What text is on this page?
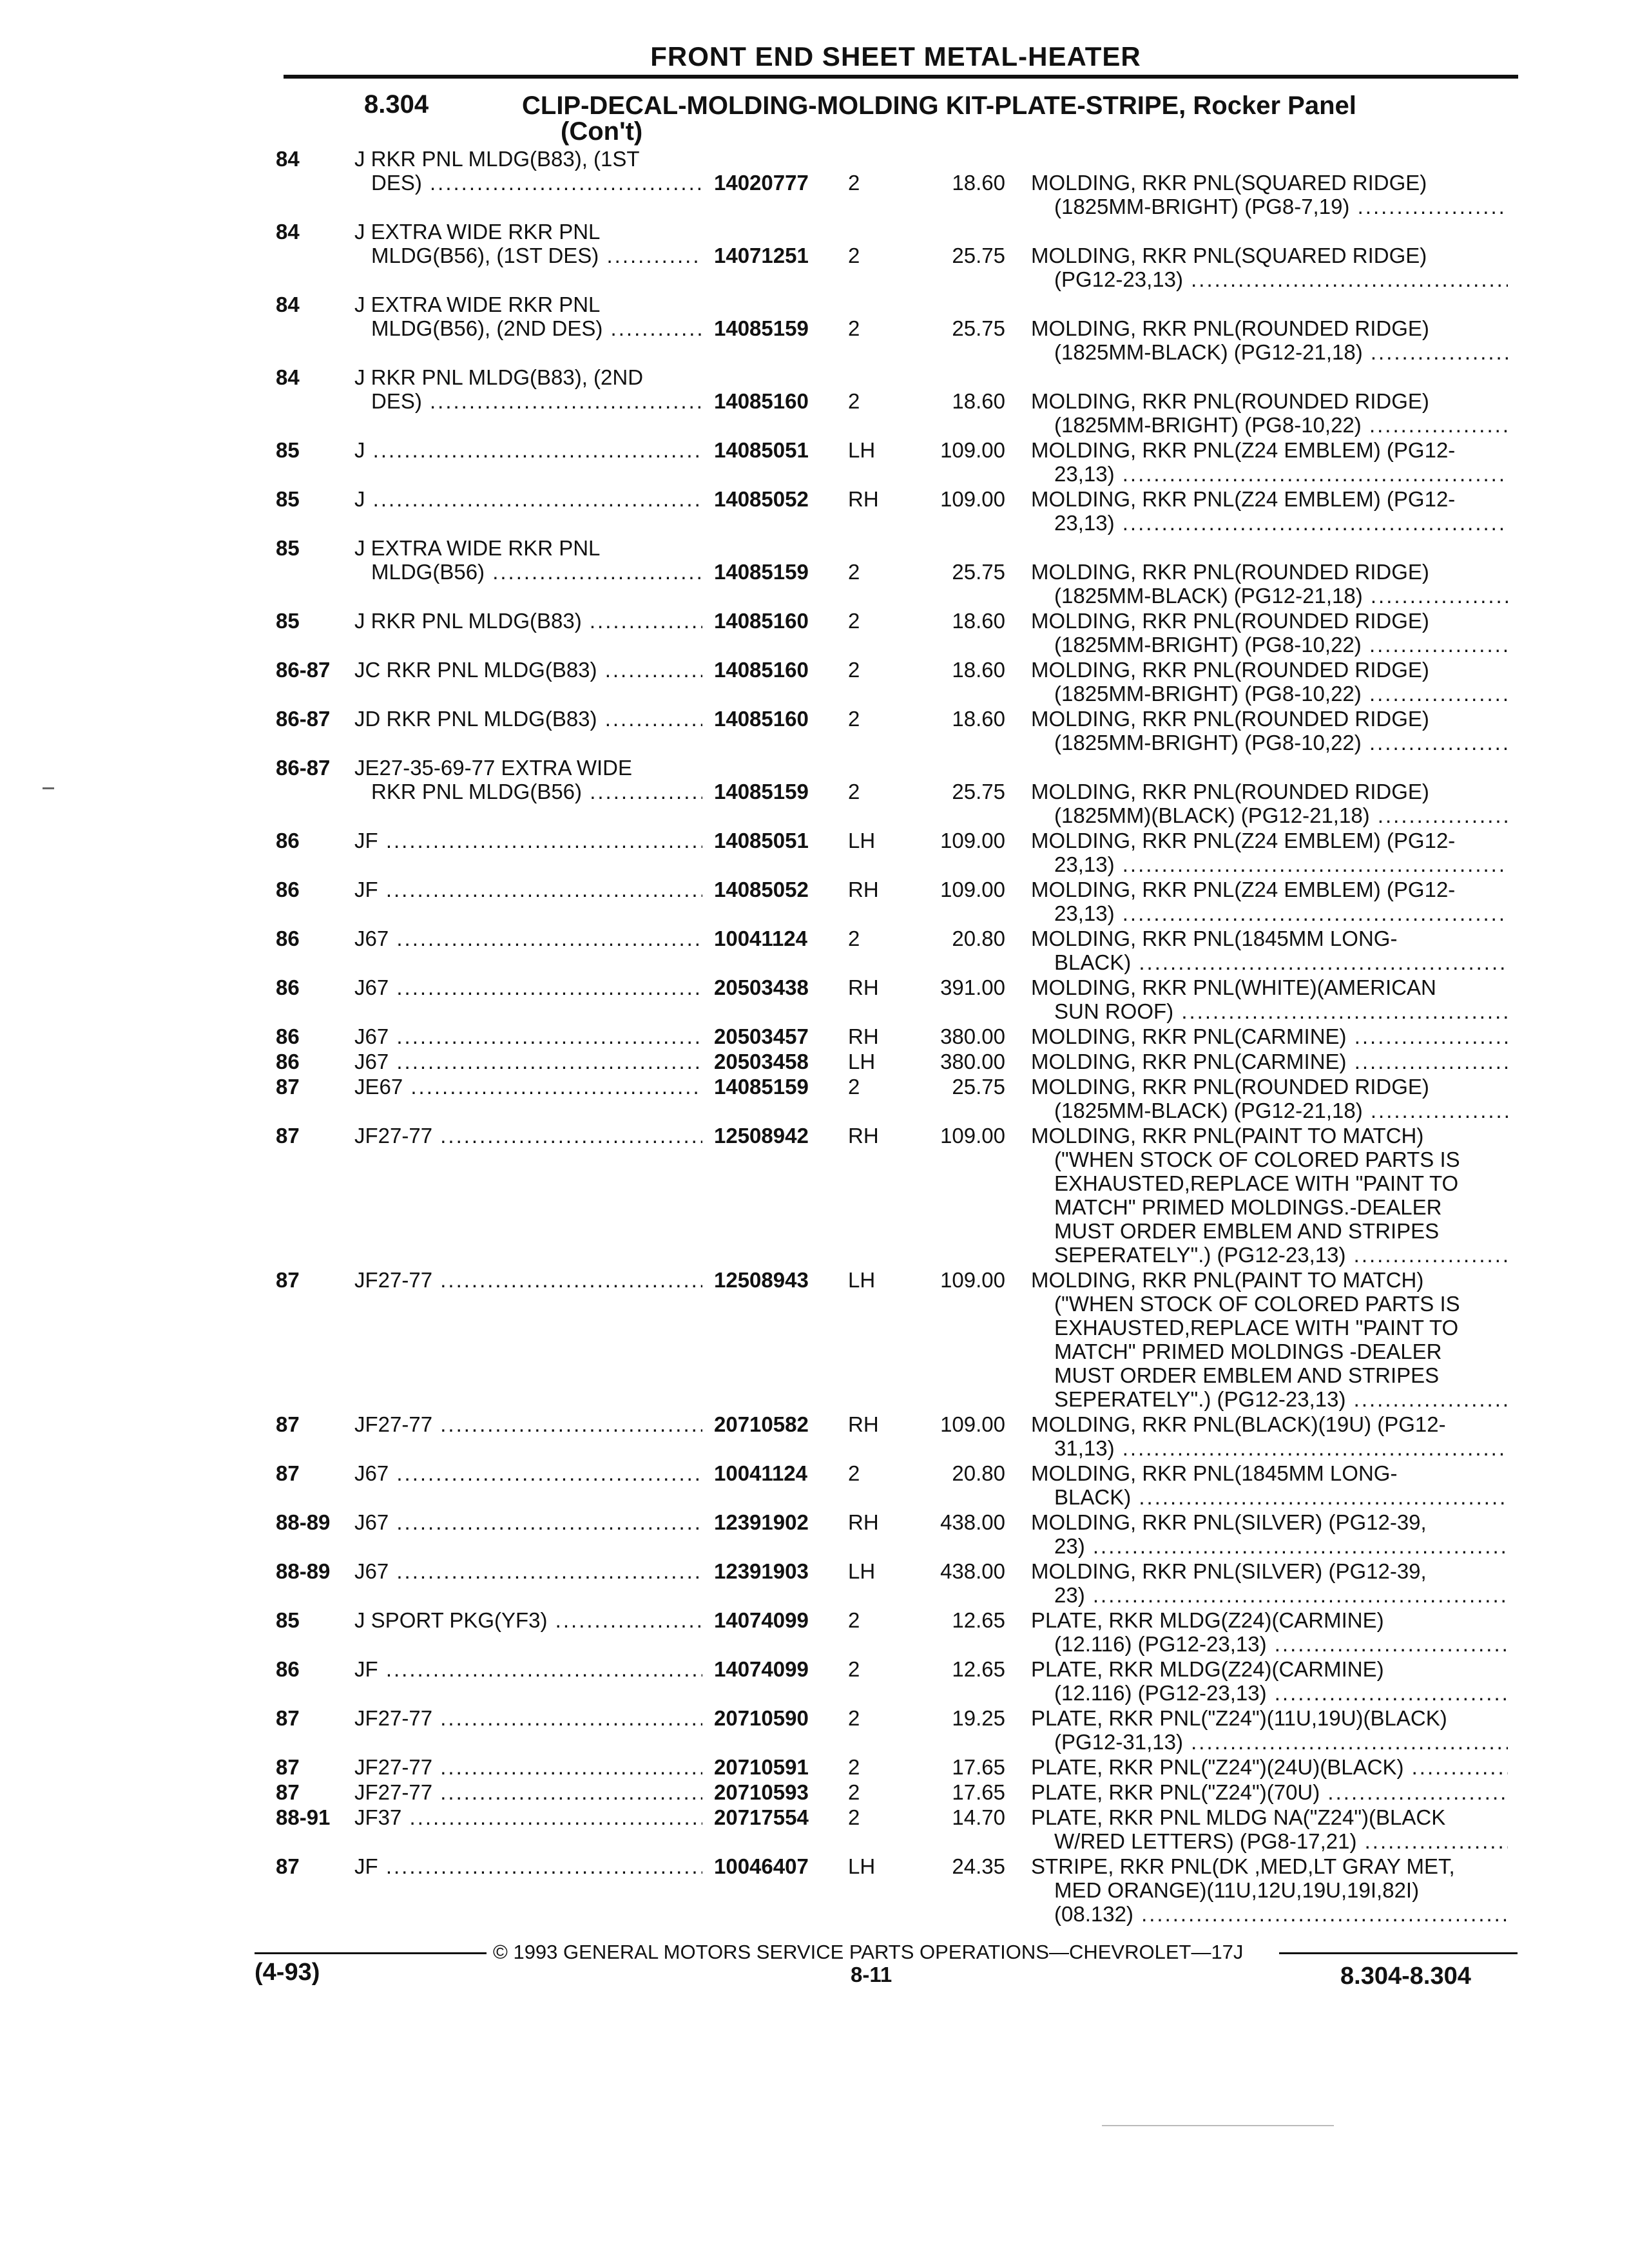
FRONT END SHEET METAL-HEATER
8.304	CLIP-DECAL-MOLDING-MOLDING KIT-PLATE-STRIPE, Rocker Panel
(Con't)
84	J RKR PNL MLDG(B83), (1ST
DES) .....	14020777	2	18.60 MOLDING, RKR PNL(SQUARED RIDGE)
(1825MM-BRIGHT) (PG8-7,19) .....
84	J EXTRA WIDE RKR PNL
MLDG(B56), (1ST DES) .....	14071251	2	25.75 MOLDING, RKR PNL(SQUARED RIDGE)
(PG12-23,13) .....
84	J EXTRA WIDE RKR PNL
MLDG(B56), (2ND DES) .....	14085159	2	25.75 MOLDING, RKR PNL(ROUNDED RIDGE)
(1825MM-BLACK) (PG12-21,18) .....
84	J RKR PNL MLDG(B83), (2ND
DES) .....	14085160	2	18.60 MOLDING, RKR PNL(ROUNDED RIDGE)
(1825MM-BRIGHT) (PG8-10,22) .....
85	J .....	14085051	LH	109.00 MOLDING, RKR PNL(Z24 EMBLEM) (PG12-
23,13) .....
85	J .....	14085052	RH	109.00 MOLDING, RKR PNL(Z24 EMBLEM) (PG12-
23,13) .....
85	J EXTRA WIDE RKR PNL
MLDG(B56) .....	14085159	2	25.75 MOLDING, RKR PNL(ROUNDED RIDGE)
(1825MM-BLACK) (PG12-21,18) .....
85	J RKR PNL MLDG(B83) .....	14085160	2	18.60 MOLDING, RKR PNL(ROUNDED RIDGE)
(1825MM-BRIGHT) (PG8-10,22) .....
86-87	JC RKR PNL MLDG(B83) .....	14085160	2	18.60 MOLDING, RKR PNL(ROUNDED RIDGE)
(1825MM-BRIGHT) (PG8-10,22) .....
86-87	JD RKR PNL MLDG(B83) .....	14085160	2	18.60 MOLDING, RKR PNL(ROUNDED RIDGE)
(1825MM-BRIGHT) (PG8-10,22) .....
86-87	JE27-35-69-77 EXTRA WIDE
RKR PNL MLDG(B56) .....	14085159	2	25.75 MOLDING, RKR PNL(ROUNDED RIDGE)
(1825MM)(BLACK) (PG12-21,18) .....
86	JF .....	14085051	LH	109.00 MOLDING, RKR PNL(Z24 EMBLEM) (PG12-
23,13) .....
86	JF .....	14085052	RH	109.00 MOLDING, RKR PNL(Z24 EMBLEM) (PG12-
23,13) .....
86	J67 .....	10041124	2	20.80 MOLDING, RKR PNL(1845MM LONG-
BLACK) .....
86	J67 .....	20503438	RH	391.00 MOLDING, RKR PNL(WHITE)(AMERICAN
SUN ROOF) .....
86	J67 .....	20503457	RH	380.00 MOLDING, RKR PNL(CARMINE) .....
86	J67 .....	20503458	LH	380.00 MOLDING, RKR PNL(CARMINE) .....
87	JE67 .....	14085159	2	25.75 MOLDING, RKR PNL(ROUNDED RIDGE)
(1825MM-BLACK) (PG12-21,18) .....
87	JF27-77 .....	12508942	RH	109.00 MOLDING, RKR PNL(PAINT TO MATCH)
("WHEN STOCK OF COLORED PARTS IS
EXHAUSTED,REPLACE WITH "PAINT TO
MATCH" PRIMED MOLDINGS.-DEALER
MUST ORDER EMBLEM AND STRIPES
SEPERATELY".) (PG12-23,13) .....
87	JF27-77 .....	12508943	LH	109.00 MOLDING, RKR PNL(PAINT TO MATCH)
("WHEN STOCK OF COLORED PARTS IS
EXHAUSTED,REPLACE WITH "PAINT TO
MATCH" PRIMED MOLDINGS -DEALER
MUST ORDER EMBLEM AND STRIPES
SEPERATELY".) (PG12-23,13) .....
87	JF27-77 .....	20710582	RH	109.00 MOLDING, RKR PNL(BLACK)(19U) (PG12-
31,13) .....
87	J67 .....	10041124	2	20.80 MOLDING, RKR PNL(1845MM LONG-
BLACK) .....
88-89	J67 .....	12391902	RH	438.00 MOLDING, RKR PNL(SILVER) (PG12-39,
23) .....
88-89	J67 .....	12391903	LH	438.00 MOLDING, RKR PNL(SILVER) (PG12-39,
23) .....
85	J SPORT PKG(YF3) .....	14074099	2	12.65 PLATE, RKR MLDG(Z24)(CARMINE)
(12.116) (PG12-23,13) .....
86	JF .....	14074099	2	12.65 PLATE, RKR MLDG(Z24)(CARMINE)
(12.116) (PG12-23,13) .....
87	JF27-77 .....	20710590	2	19.25 PLATE, RKR PNL("Z24")(11U,19U)(BLACK)
(PG12-31,13) .....
87	JF27-77 .....	20710591	2	17.65 PLATE, RKR PNL("Z24")(24U)(BLACK) .....
87	JF27-77 .....	20710593	2	17.65 PLATE, RKR PNL("Z24")(70U) .....
88-91	JF37 .....	20717554	2	14.70 PLATE, RKR PNL MLDG NA("Z24")(BLACK
W/RED LETTERS) (PG8-17,21) .....
87	JF .....	10046407	LH	24.35 STRIPE, RKR PNL(DK ,MED,LT GRAY MET,
MED ORANGE)(11U,12U,19U,19I,82I)
(08.132) .....
© 1993 GENERAL MOTORS SERVICE PARTS OPERATIONS—CHEVROLET—17J
(4-93)	8-11	8.304-8.304
